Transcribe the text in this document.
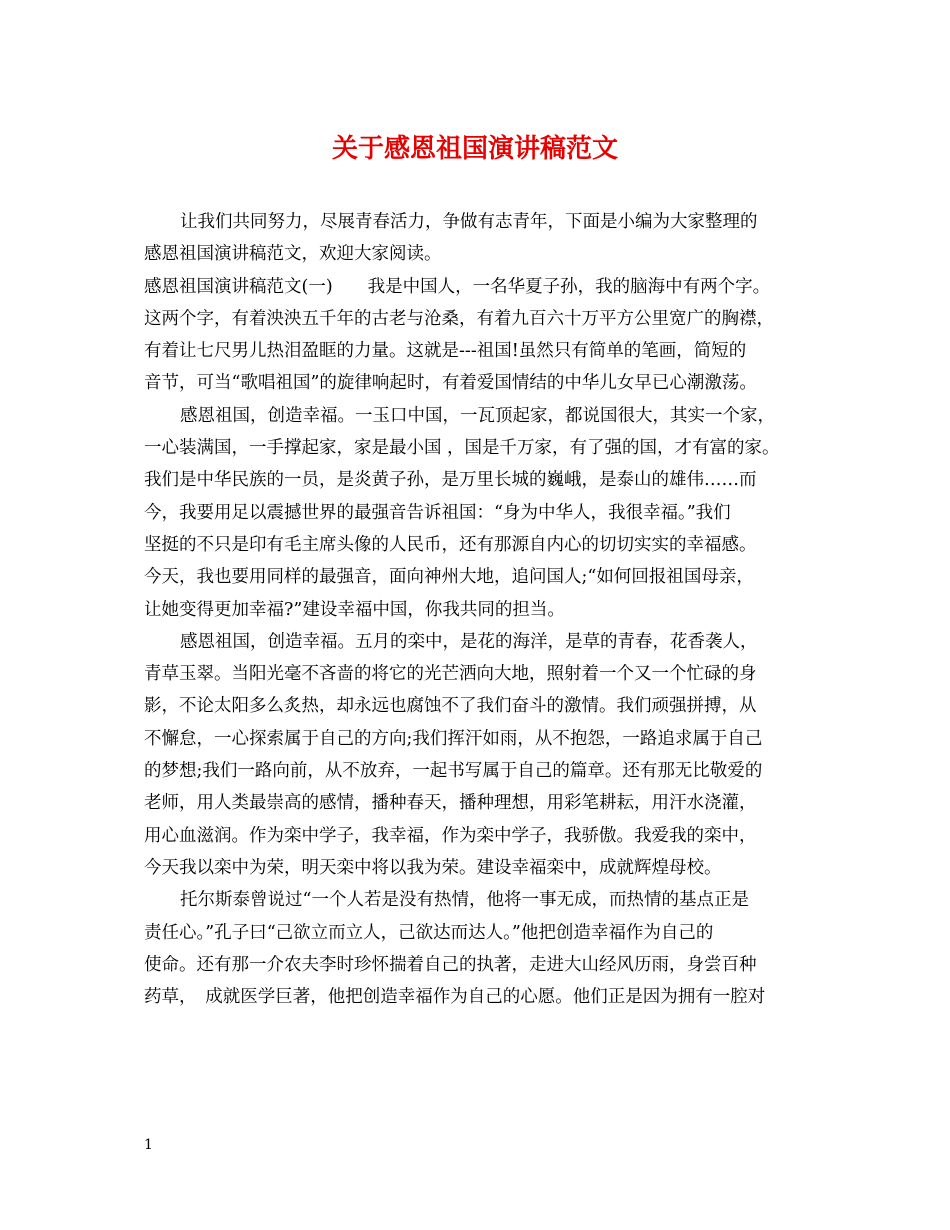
关于感恩祖国演讲稿范文
让我们共同努力，尽展青春活力，争做有志青年，下面是小编为大家整理的
感恩祖国演讲稿范文，欢迎大家阅读。
感恩祖国演讲稿范文(一)　　我是中国人，一名华夏子孙，我的脑海中有两个字。
这两个字，有着泱泱五千年的古老与沧桑，有着九百六十万平方公里宽广的胸襟，
有着让七尺男儿热泪盈眶的力量。这就是---祖国!虽然只有简单的笔画，简短的
音节，可当“歌唱祖国”的旋律响起时，有着爱国情结的中华儿女早已心潮激荡。
感恩祖国，创造幸福。一玉口中国，一瓦顶起家，都说国很大，其实一个家，
一心装满国，一手撑起家，家是最小国 ，国是千万家，有了强的国，才有富的家。
我们是中华民族的一员，是炎黄子孙，是万里长城的巍峨，是泰山的雄伟……而
今，我要用足以震撼世界的最强音告诉祖国：“身为中华人，我很幸福。”我们
坚挺的不只是印有毛主席头像的人民币，还有那源自内心的切切实实的幸福感。
今天，我也要用同样的最强音，面向神州大地，追问国人;“如何回报祖国母亲，
让她变得更加幸福?”建设幸福中国，你我共同的担当。
感恩祖国，创造幸福。五月的栾中，是花的海洋，是草的青春，花香袭人，
青草玉翠。当阳光毫不吝啬的将它的光芒洒向大地，照射着一个又一个忙碌的身
影，不论太阳多么炙热，却永远也腐蚀不了我们奋斗的激情。我们顽强拼搏，从
不懈怠，一心探索属于自己的方向;我们挥汗如雨，从不抱怨，一路追求属于自己
的梦想;我们一路向前，从不放弃，一起书写属于自己的篇章。还有那无比敬爱的
老师，用人类最崇高的感情，播种春天，播种理想，用彩笔耕耘，用汗水浇灌，
用心血滋润。作为栾中学子，我幸福，作为栾中学子，我骄傲。我爱我的栾中，
今天我以栾中为荣，明天栾中将以我为荣。建设幸福栾中，成就辉煌母校。
托尔斯泰曾说过“一个人若是没有热情，他将一事无成，而热情的基点正是
责任心。”孔子曰“己欲立而立人，己欲达而达人。”他把创造幸福作为自己的
使命。还有那一介农夫李时珍怀揣着自己的执著，走进大山经风历雨，身尝百种
药草，　成就医学巨著，他把创造幸福作为自己的心愿。他们正是因为拥有一腔对
1
